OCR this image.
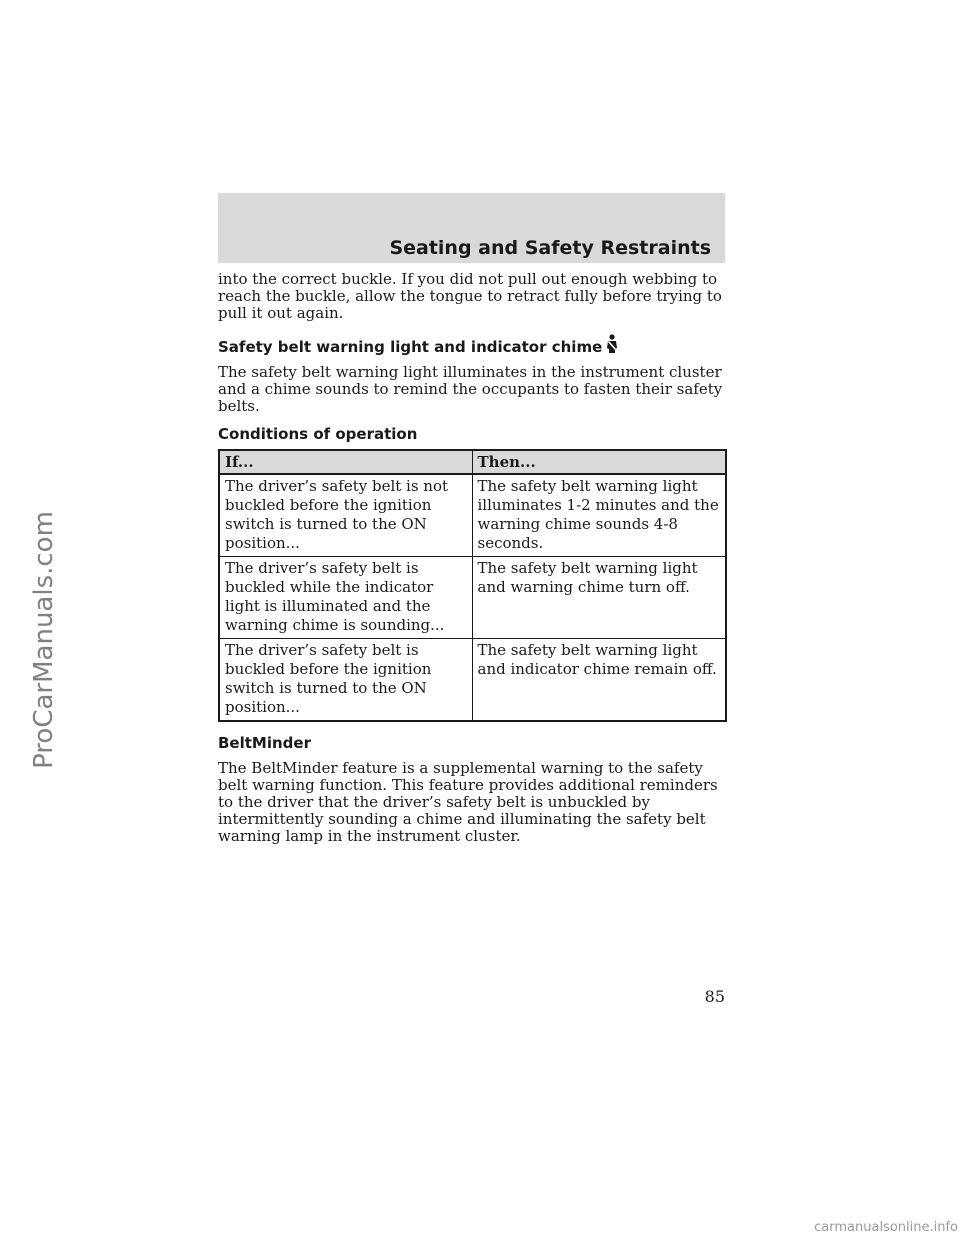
Seating and Safety Restraints

into the correct buckle. If you did not pull out enough webbing to reach the buckle, allow the tongue to retract fully before trying to pull it out again.

Safety belt warning light and indicator chime

The safety belt warning light illuminates in the instrument cluster and a chime sounds to remind the occupants to fasten their safety belts.

Conditions of operation
If...	Then...
The driver’s safety belt is not buckled before the ignition switch is turned to the ON position...	The safety belt warning light illuminates 1-2 minutes and the warning chime sounds 4-8 seconds.
The driver’s safety belt is buckled while the indicator light is illuminated and the warning chime is sounding...	The safety belt warning light and warning chime turn off.
The driver’s safety belt is buckled before the ignition switch is turned to the ON position...	The safety belt warning light and indicator chime remain off.
BeltMinder

The BeltMinder feature is a supplemental warning to the safety belt warning function. This feature provides additional reminders to the driver that the driver’s safety belt is unbuckled by intermittently sounding a chime and illuminating the safety belt warning lamp in the instrument cluster.

85
ProCarManuals.com
carmanualsonline.info
